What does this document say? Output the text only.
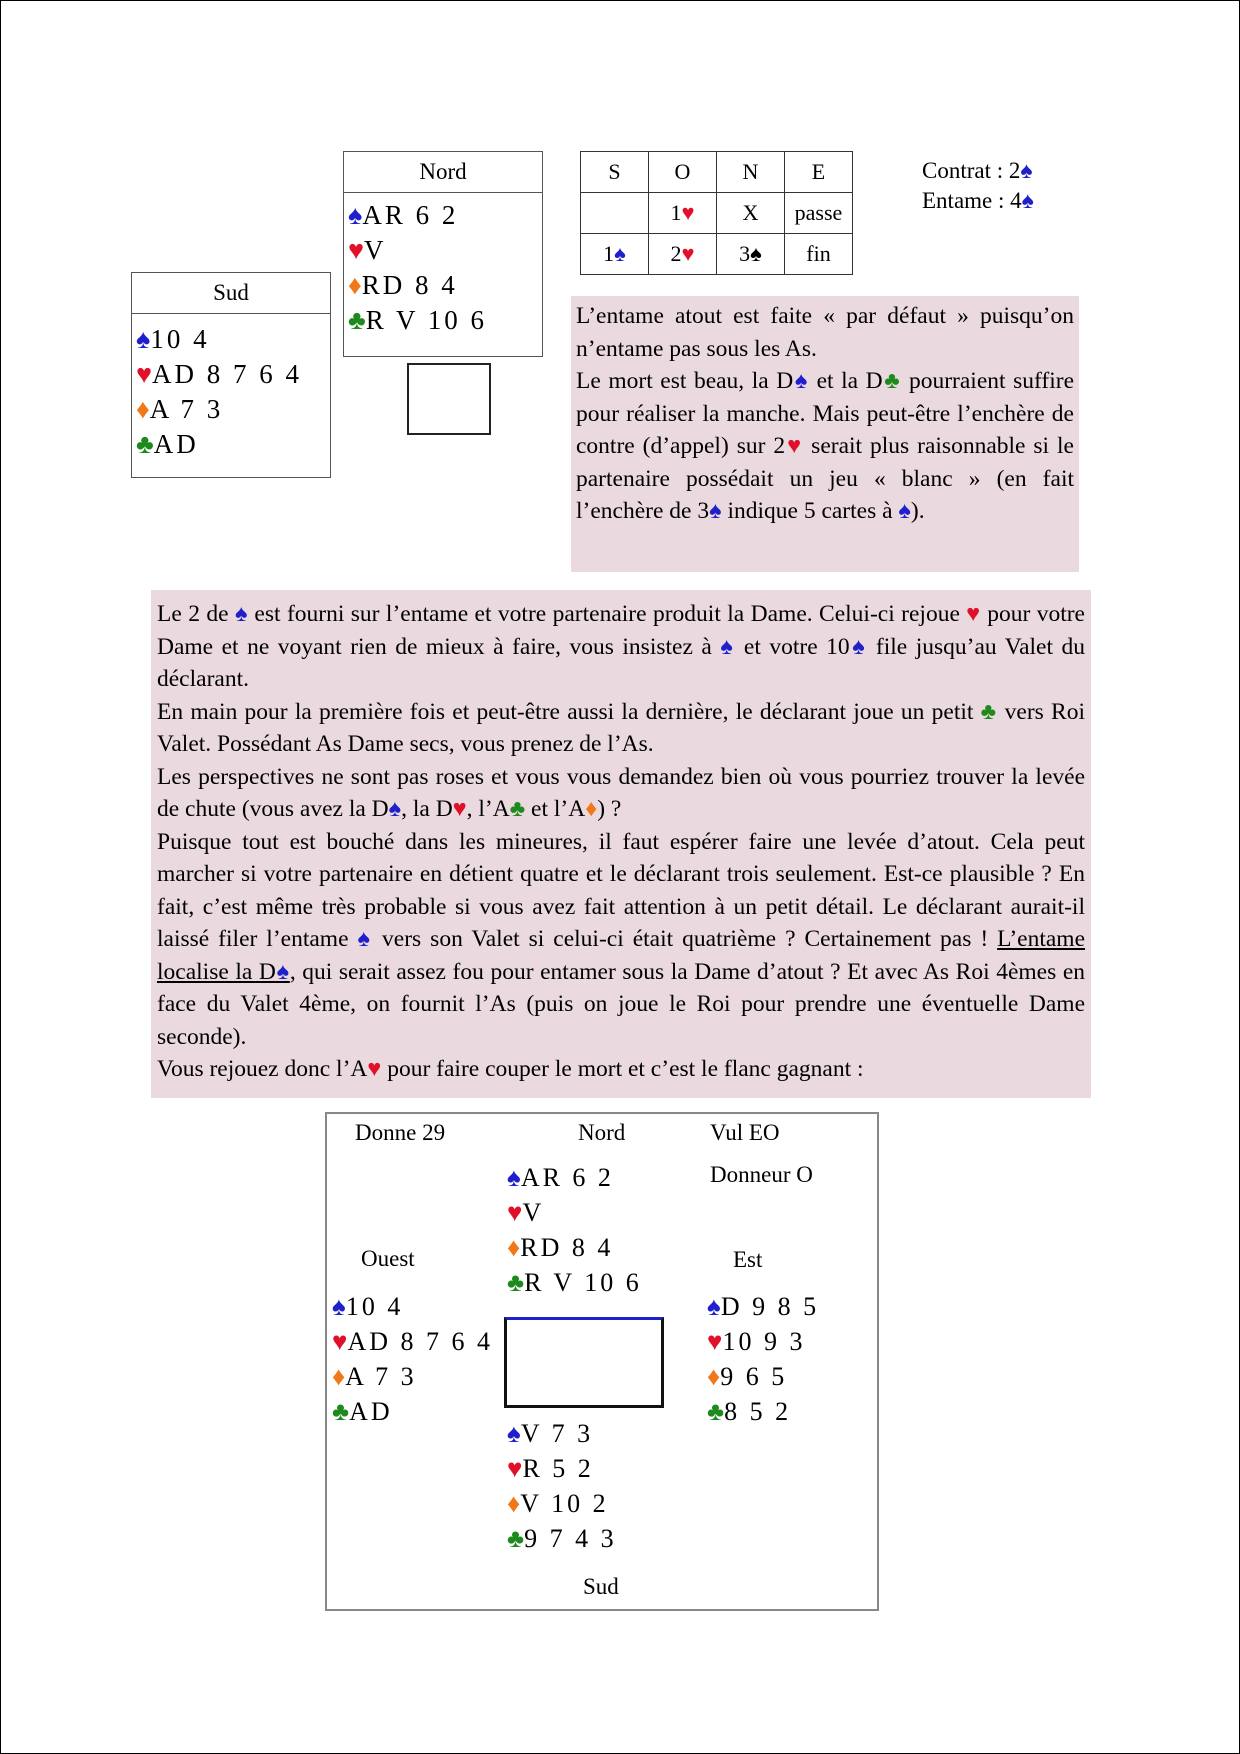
Sud
♠10 4
♥AD 8 7 6 4
♦A 7 3
♣AD
Nord
♠AR 6 2
♥V
♦RD 8 4
♣R V 10 6
S	O	N	E
	1♥	X	passe
1♠	2♥	3♠	fin
Contrat : 2♠
Entame : 4♠

L’entame atout est faite « par défaut » puisqu’on n’entame pas sous les As.

Le mort est beau, la D♠ et la D♣ pourraient suffire pour réaliser la manche. Mais peut-être l’enchère de contre (d’appel) sur 2♥ serait plus raisonnable si le partenaire possédait un jeu « blanc » (en fait l’enchère de 3♠ indique 5 cartes à ♠).

Le 2 de ♠ est fourni sur l’entame et votre partenaire produit la Dame. Celui-ci rejoue ♥ pour votre Dame et ne voyant rien de mieux à faire, vous insistez à ♠ et votre 10♠ file jusqu’au Valet du déclarant.

En main pour la première fois et peut-être aussi la dernière, le déclarant joue un petit ♣ vers Roi Valet. Possédant As Dame secs, vous prenez de l’As.

Les perspectives ne sont pas roses et vous vous demandez bien où vous pourriez trouver la levée de chute (vous avez la D♠, la D♥, l’A♣ et l’A♦) ?

Puisque tout est bouché dans les mineures, il faut espérer faire une levée d’atout. Cela peut marcher si votre partenaire en détient quatre et le déclarant trois seulement. Est-ce plausible ? En fait, c’est même très probable si vous avez fait attention à un petit détail. Le déclarant aurait-il laissé filer l’entame ♠ vers son Valet si celui-ci était quatrième ? Certainement pas ! L’entame localise la D♠, qui serait assez fou pour entamer sous la Dame d’atout ? Et avec As Roi 4èmes en face du Valet 4ème, on fournit l’As (puis on joue le Roi pour prendre une éventuelle Dame seconde).

Vous rejouez donc l’A♥ pour faire couper le mort et c’est le flanc gagnant :

Donne 29	Nord	Vul EO
Donneur O
Ouest	Est
Sud
♠AR 6 2
♥V
♦RD 8 4
♣R V 10 6
♠10 4
♥AD 8 7 6 4
♦A 7 3
♣AD
♠D 9 8 5
♥10 9 3
♦9 6 5
♣8 5 2
♠V 7 3
♥R 5 2
♦V 10 2
♣9 7 4 3
